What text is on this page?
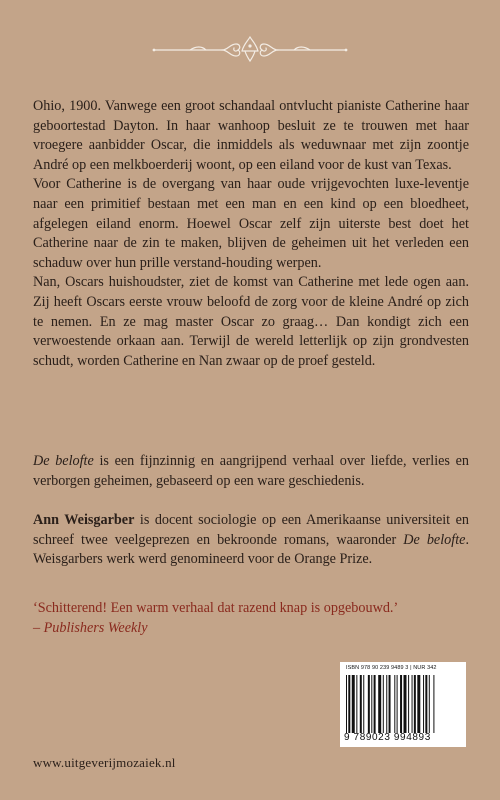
Ohio, 1900. Vanwege een groot schandaal ontvlucht pianiste Catherine haar geboortestad Dayton. In haar wanhoop besluit ze te trouwen met haar vroegere aanbidder Oscar, die inmiddels als weduwnaar met zijn zoontje André op een melkboerderij woont, op een eiland voor de kust van Texas.

Voor Catherine is de overgang van haar oude vrijgevochten luxe-leventje naar een primitief bestaan met een man en een kind op een bloedheet, afgelegen eiland enorm. Hoewel Oscar zelf zijn uiterste best doet het Catherine naar de zin te maken, blijven de geheimen uit het verleden een schaduw over hun prille verstand-houding werpen.

Nan, Oscars huishoudster, ziet de komst van Catherine met lede ogen aan. Zij heeft Oscars eerste vrouw beloofd de zorg voor de kleine André op zich te nemen. En ze mag master Oscar zo graag… Dan kondigt zich een verwoestende orkaan aan. Terwijl de wereld letterlijk op zijn grondvesten schudt, worden Catherine en Nan zwaar op de proef gesteld.

De belofte is een fijnzinnig en aangrijpend verhaal over liefde, verlies en verborgen geheimen, gebaseerd op een ware geschiedenis.

Ann Weisgarber is docent sociologie op een Amerikaanse universiteit en schreef twee veelgeprezen en bekroonde romans, waaronder De belofte. Weisgarbers werk werd genomineerd voor de Orange Prize.

‘Schitterend! Een warm verhaal dat razend knap is opgebouwd.’

– Publishers Weekly

ISBN 978 90 239 9489 3 | NUR 342
9 789023 994893
www.uitgeverijmozaiek.nl
